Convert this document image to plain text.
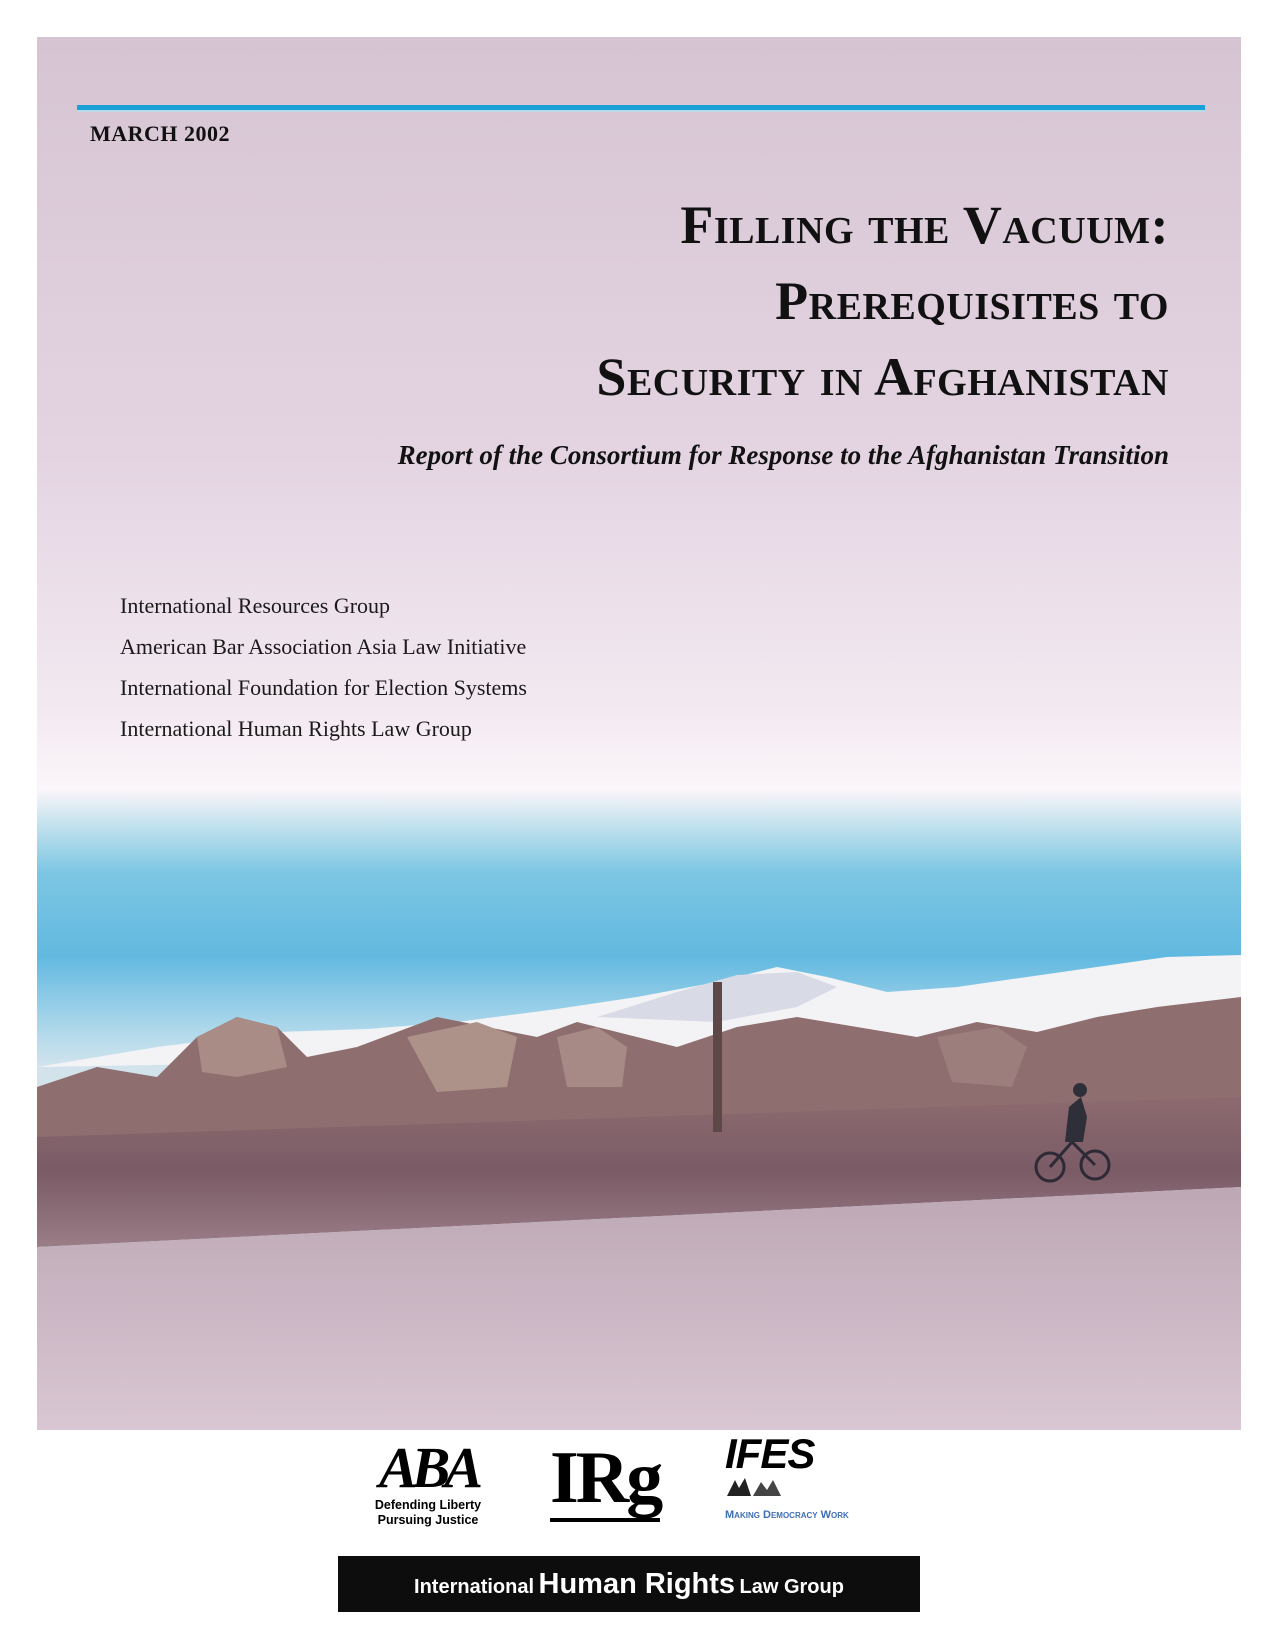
MARCH 2002
Filling the Vacuum:
Prerequisites to
Security in Afghanistan
Report of the Consortium for Response to the Afghanistan Transition
International Resources Group
American Bar Association Asia Law Initiative
International Foundation for Election Systems
International Human Rights Law Group
ABA
Defending Liberty
Pursuing Justice
IRg IFES
Making Democracy Work
International Human Rights Law Group
